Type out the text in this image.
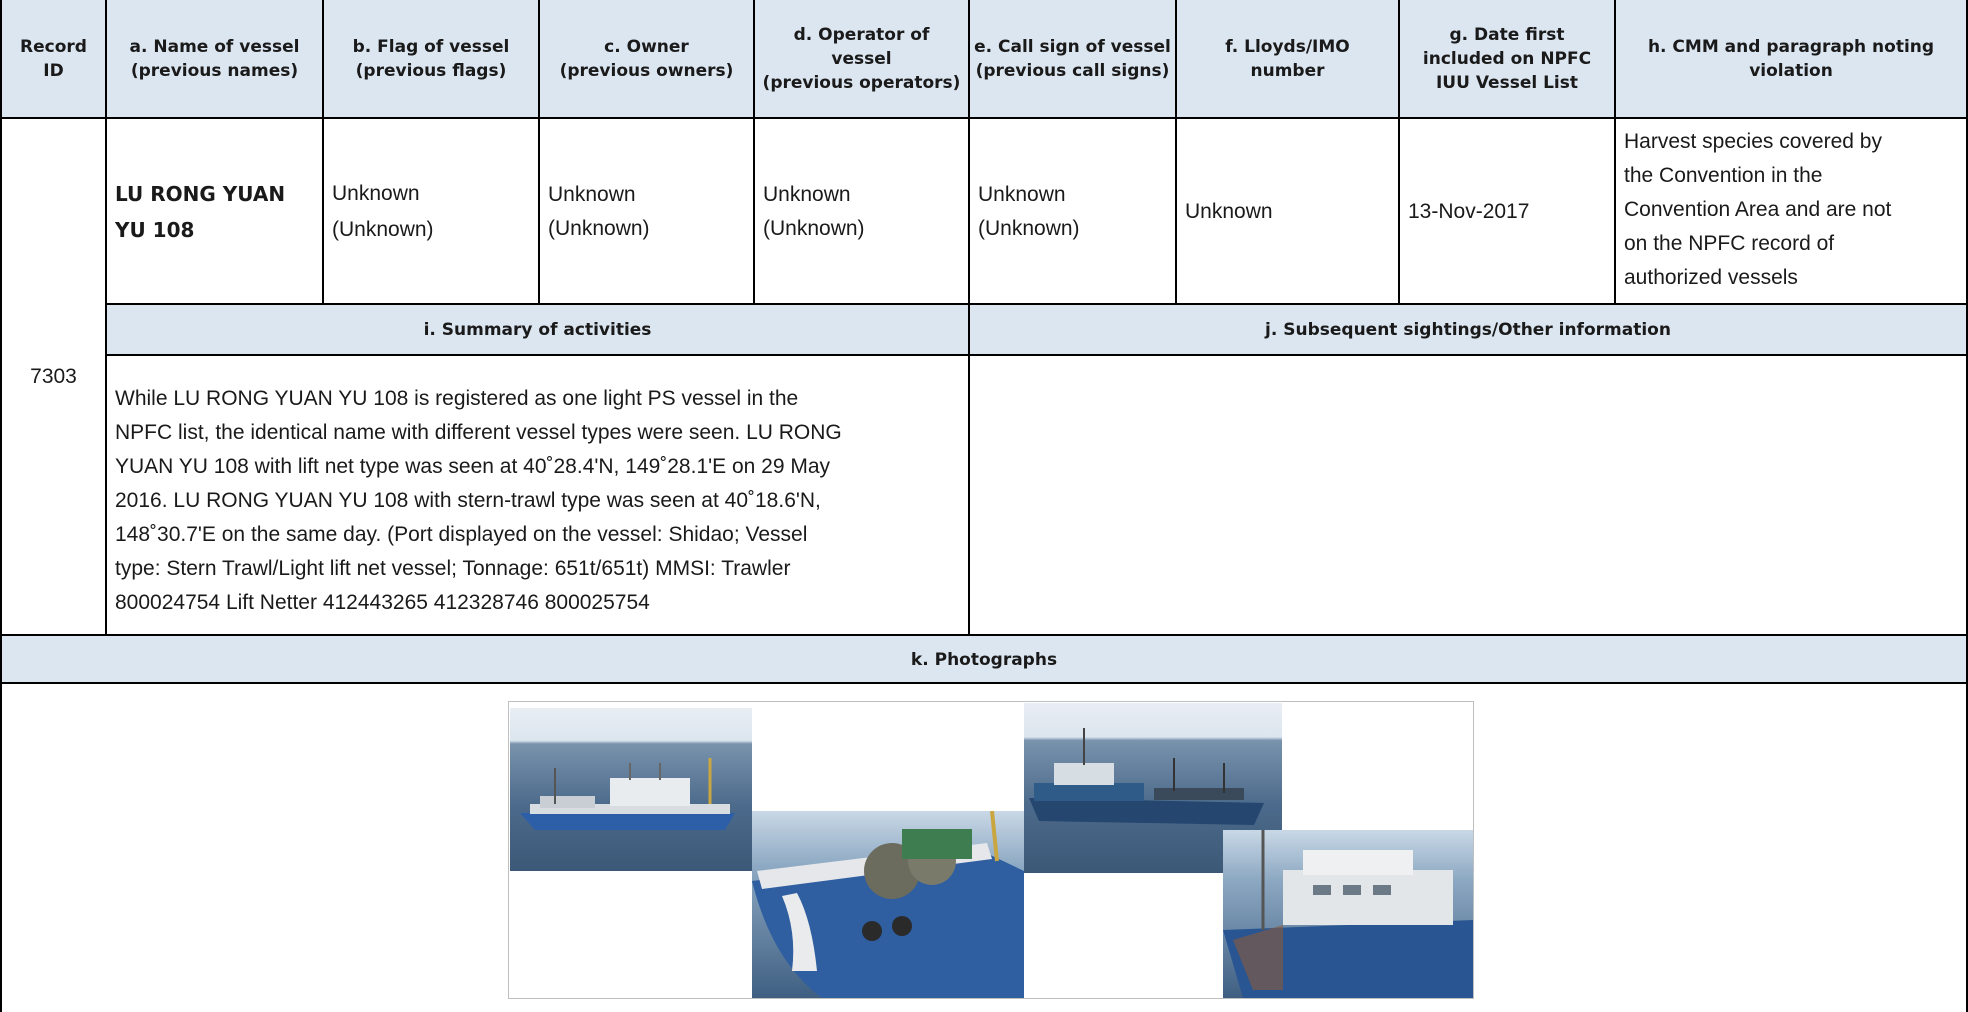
Record
ID
a. Name of vessel
(previous names)
b. Flag of vessel
(previous flags)
c. Owner
(previous owners)
d. Operator of
vessel
(previous operators)
e. Call sign of vessel
(previous call signs)
f. Lloyds/IMO
number
g. Date first
included on NPFC
IUU Vessel List
h. CMM and paragraph noting
violation
7303
LU RONG YUAN
YU 108
Unknown
(Unknown)
Unknown
(Unknown)
Unknown
(Unknown)
Unknown
(Unknown)
Unknown	13-Nov-2017
Harvest species covered by
the Convention in the
Convention Area and are not
on the NPFC record of
authorized vessels
i. Summary of activities	j. Subsequent sightings/Other information
While LU RONG YUAN YU 108 is registered as one light PS vessel in the
NPFC list, the identical name with different vessel types were seen. LU RONG
YUAN YU 108 with lift net type was seen at 40˚28.4'N, 149˚28.1'E on 29 May
2016. LU RONG YUAN YU 108 with stern-trawl type was seen at 40˚18.6'N,
148˚30.7'E on the same day. (Port displayed on the vessel: Shidao; Vessel
type: Stern Trawl/Light lift net vessel; Tonnage: 651t/651t) MMSI: Trawler
800024754 Lift Netter 412443265 412328746 800025754
k. Photographs
